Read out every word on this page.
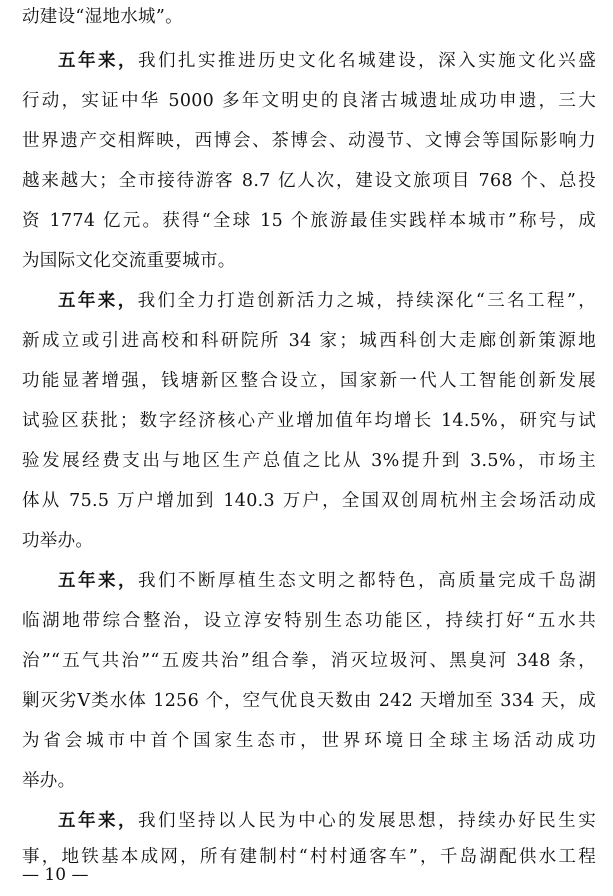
动建设“湿地水城”。
五年来，我们扎实推进历史文化名城建设，深入实施文化兴盛
行动，实证中华 5000 多年文明史的良渚古城遗址成功申遗，三大
世界遗产交相辉映，西博会、茶博会、动漫节、文博会等国际影响力
越来越大；全市接待游客 8.7 亿人次，建设文旅项目 768 个、总投
资 1774 亿元。获得“全球 15 个旅游最佳实践样本城市”称号，成
为国际文化交流重要城市。
五年来，我们全力打造创新活力之城，持续深化“三名工程”，
新成立或引进高校和科研院所 34 家；城西科创大走廊创新策源地
功能显著增强，钱塘新区整合设立，国家新一代人工智能创新发展
试验区获批；数字经济核心产业增加值年均增长 14.5%，研究与试
验发展经费支出与地区生产总值之比从 3%提升到 3.5%，市场主
体从 75.5 万户增加到 140.3 万户，全国双创周杭州主会场活动成
功举办。
五年来，我们不断厚植生态文明之都特色，高质量完成千岛湖
临湖地带综合整治，设立淳安特别生态功能区，持续打好“五水共
治”“五气共治”“五废共治”组合拳，消灭垃圾河、黑臭河 348 条，
剿灭劣Ⅴ类水体 1256 个，空气优良天数由 242 天增加至 334 天，成
为省会城市中首个国家生态市，世界环境日全球主场活动成功
举办。
五年来，我们坚持以人民为中心的发展思想，持续办好民生实
事，地铁基本成网，所有建制村“村村通客车”，千岛湖配供水工程
— 10 —
